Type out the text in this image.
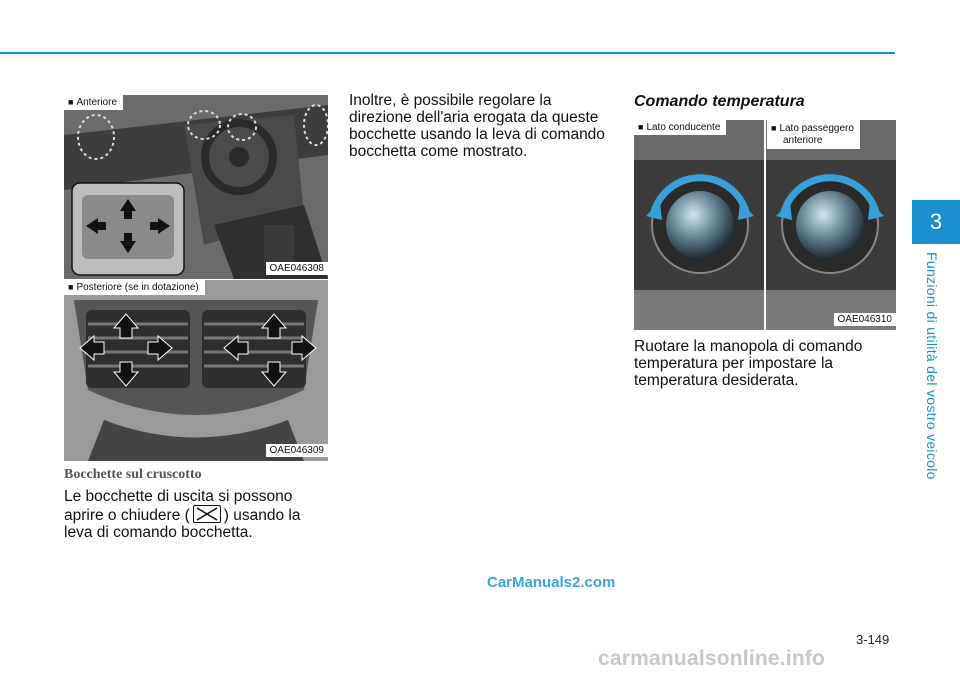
3
Funzioni di utilità del vostro veicolo
■ Anteriore
OAE046308
■ Posteriore (se in dotazione)
OAE046309
Bocchette sul cruscotto
Le bocchette di uscita si possono
aprire o chiudere ( ) usando la
leva di comando bocchetta.
Inoltre, è possibile regolare la
direzione dell'aria erogata da queste
bocchette usando la leva di comando
bocchetta come mostrato.
Comando temperatura
■ Lato conducente	■ Lato passeggero
anteriore
OAE046310
Ruotare la manopola di comando
temperatura per impostare la
temperatura desiderata.
CarManuals2.com
3-149
carmanualsonline.info
